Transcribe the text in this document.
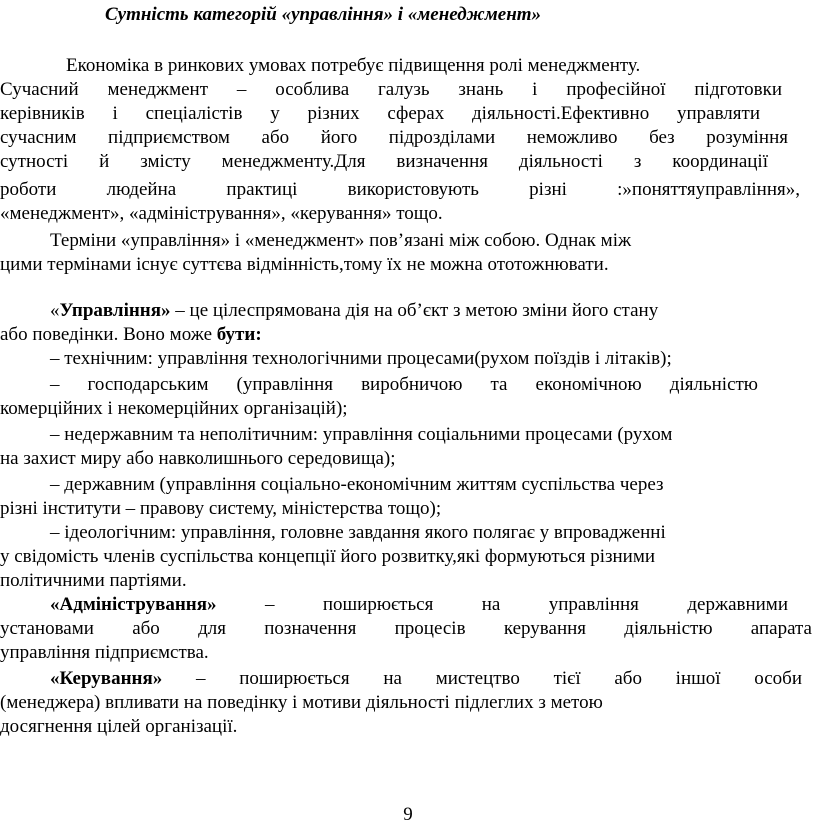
Сутність категорій «управління» і «менеджмент»
Економіка в ринкових умовах потребує підвищення ролі менеджменту.
Сучасний менеджмент – особлива галузь знань і професійної підготовки
керівників і спеціалістів у різних сферах діяльності.Ефективно управляти
сучасним підприємством або його підрозділами неможливо без розуміння
сутності й змісту менеджменту.Для визначення діяльності з координації
роботи людейна практиці використовують різні :»поняттяуправління»,
«менеджмент», «адміністрування», «керування» тощо.
Терміни «управління» і «менеджмент» пов’язані між собою. Однак між
цими термінами існує суттєва відмінність,тому їх не можна ототожнювати.
«Управління» – це цілеспрямована дія на об’єкт з метою зміни його стану
або поведінки. Воно може бути:
– технічним: управління технологічними процесами(рухом поїздів і літаків);
– господарським (управління виробничою та економічною діяльністю
комерційних і некомерційних організацій);
– недержавним та неполітичним: управління соціальними процесами (рухом
на захист миру або навколишнього середовища);
– державним (управління соціально-економічним життям суспільства через
різні інститути – правову систему, міністерства тощо);
– ідеологічним: управління, головне завдання якого полягає у впровадженні
у свідомість членів суспільства концепції його розвитку,які формуються різними
політичними партіями.
«Адміністрування» – поширюється на управління державними
установами або для позначення процесів керування діяльністю апарата
управління підприємства.
«Керування» – поширюється на мистецтво тієї або іншої особи
(менеджера) впливати на поведінку і мотиви діяльності підлеглих з метою
досягнення цілей організації.
9
